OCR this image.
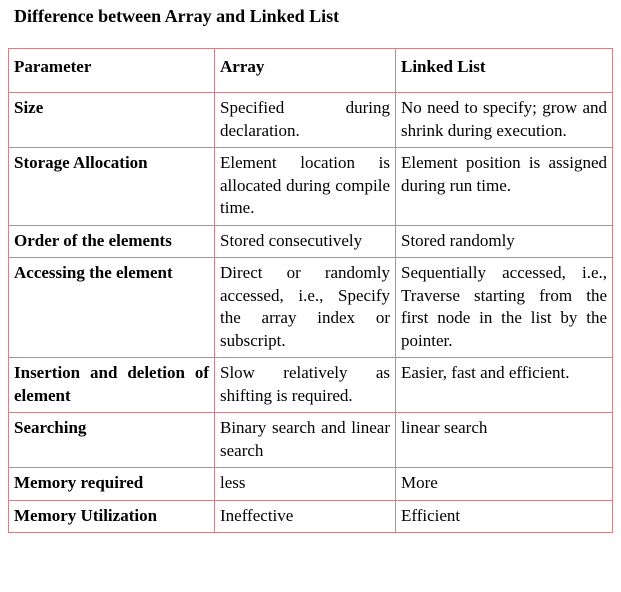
Difference between Array and Linked List
Parameter	Array	Linked List
Size	Specified during declaration.	No need to specify; grow and shrink during execution.
Storage Allocation	Element location is allocated during compile time.	Element position is assigned during run time.
Order of the elements	Stored consecutively	Stored randomly
Accessing the element	Direct or randomly accessed, i.e., Specify the array index or subscript.	Sequentially accessed, i.e., Traverse starting from the first node in the list by the pointer.
Insertion and deletion of element	Slow relatively as shifting is required.	Easier, fast and efficient.
Searching	Binary search and linear search	linear search
Memory required	less	More
Memory Utilization	Ineffective	Efficient
